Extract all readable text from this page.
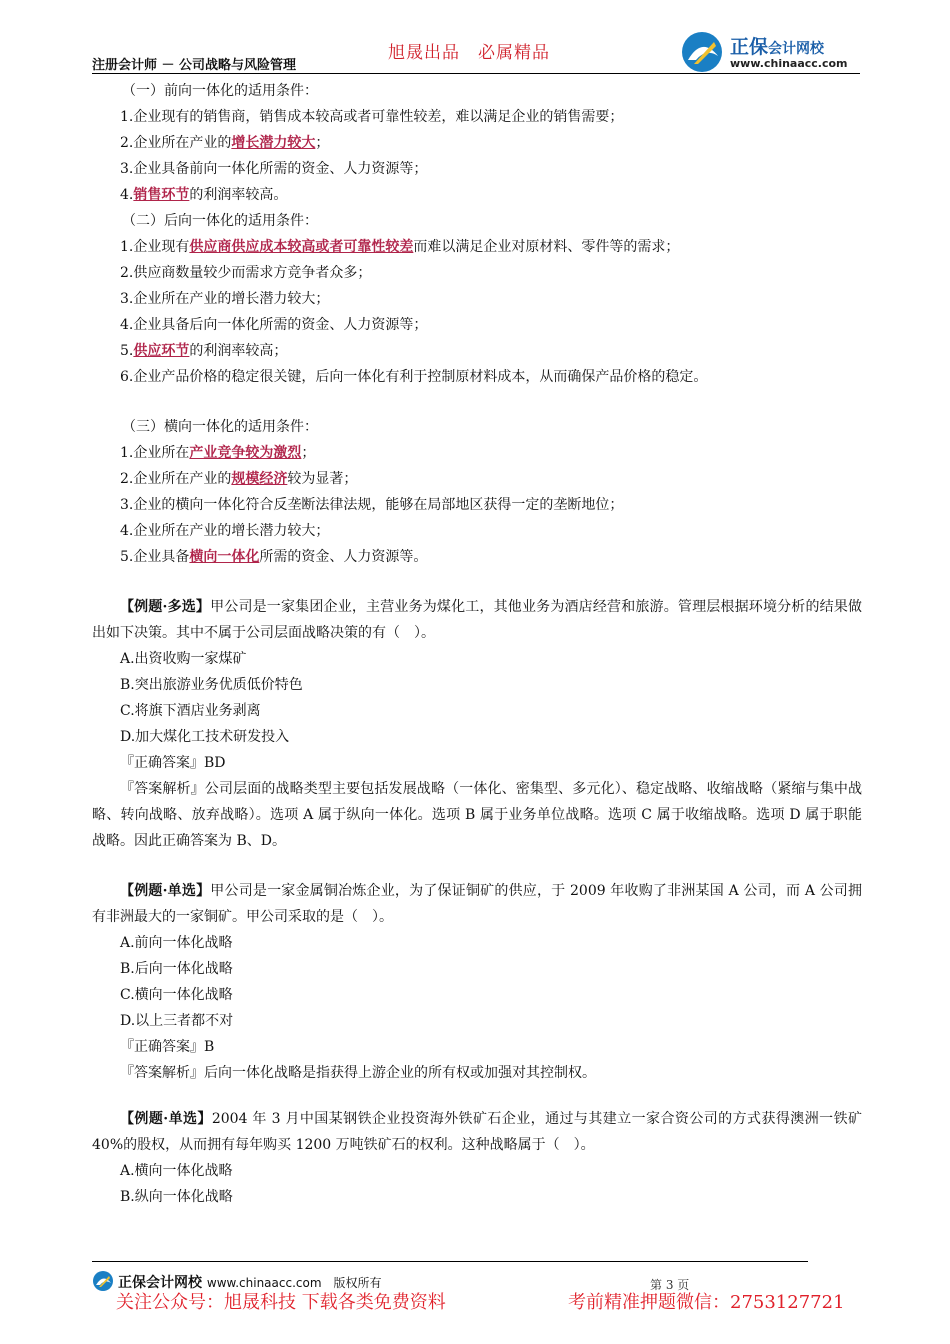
注册会计师 － 公司战略与风险管理
旭晟出品　必属精品	正保会计网校
www.chinaacc.com
（一）前向一体化的适用条件：
1.企业现有的销售商，销售成本较高或者可靠性较差，难以满足企业的销售需要；
2.企业所在产业的增长潜力较大；
3.企业具备前向一体化所需的资金、人力资源等；
4.销售环节的利润率较高。
（二）后向一体化的适用条件：
1.企业现有供应商供应成本较高或者可靠性较差而难以满足企业对原材料、零件等的需求；
2.供应商数量较少而需求方竞争者众多；
3.企业所在产业的增长潜力较大；
4.企业具备后向一体化所需的资金、人力资源等；
5.供应环节的利润率较高；
6.企业产品价格的稳定很关键，后向一体化有利于控制原材料成本，从而确保产品价格的稳定。
（三）横向一体化的适用条件：
1.企业所在产业竞争较为激烈；
2.企业所在产业的规模经济较为显著；
3.企业的横向一体化符合反垄断法律法规，能够在局部地区获得一定的垄断地位；
4.企业所在产业的增长潜力较大；
5.企业具备横向一体化所需的资金、人力资源等。
【例题·多选】甲公司是一家集团企业，主营业务为煤化工，其他业务为酒店经营和旅游。管理层根据环境分析的结果做出如下决策。其中不属于公司层面战略决策的有（　）。
A.出资收购一家煤矿
B.突出旅游业务优质低价特色
C.将旗下酒店业务剥离
D.加大煤化工技术研发投入
『正确答案』BD
『答案解析』公司层面的战略类型主要包括发展战略（一体化、密集型、多元化）、稳定战略、收缩战略（紧缩与集中战略、转向战略、放弃战略）。选项 A 属于纵向一体化。选项 B 属于业务单位战略。选项 C 属于收缩战略。选项 D 属于职能战略。因此正确答案为 B、D。
【例题·单选】甲公司是一家金属铜冶炼企业，为了保证铜矿的供应，于 2009 年收购了非洲某国 A 公司，而 A 公司拥有非洲最大的一家铜矿。甲公司采取的是（　）。
A.前向一体化战略
B.后向一体化战略
C.横向一体化战略
D.以上三者都不对
『正确答案』B
『答案解析』后向一体化战略是指获得上游企业的所有权或加强对其控制权。
【例题·单选】2004 年 3 月中国某钢铁企业投资海外铁矿石企业，通过与其建立一家合资公司的方式获得澳洲一铁矿 40%的股权，从而拥有每年购买 1200 万吨铁矿石的权利。这种战略属于（　）。
A.横向一体化战略
B.纵向一体化战略
正保会计网校 www.chinaacc.com　版权所有	第 3 页
关注公众号：旭晟科技 下载各类免费资料	考前精准押题微信：2753127721
